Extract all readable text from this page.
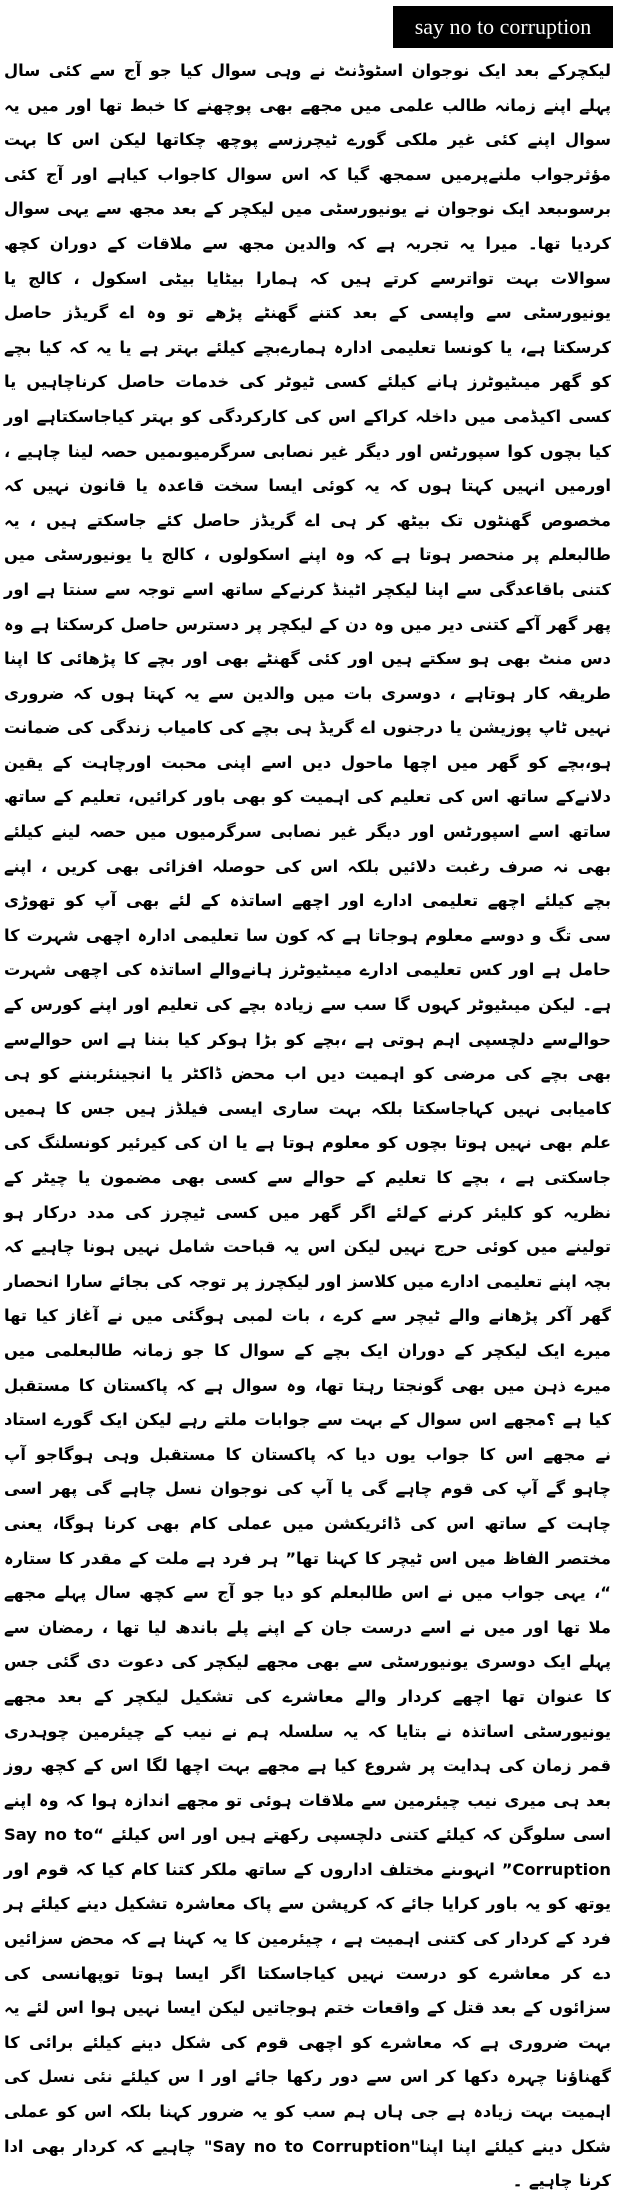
say no to corruption

لیکچرکے بعد ایک نوجوان اسٹوڈنٹ نے وہی سوال کیا جو آج سے کئی سال پہلے اپنے زمانہ طالب علمی میں مجھے بھی پوچھنے کا خبط تھا اور میں یہ سوال اپنے کئی غیر ملکی گورے ٹیچرزسے پوچھ چکاتھا لیکن اس کا بہت مؤثرجواب ملنےپرمیں سمجھ گیا کہ اس سوال کاجواب کیاہے اور آج کئی برسوںبعد ایک نوجوان نے یونیورسٹی میں لیکچر کے بعد مجھ سے یہی سوال کردیا تھا۔ میرا یہ تجربہ ہے کہ والدین مجھ سے ملاقات کے دوران کچھ سوالات بہت تواترسے کرتے ہیں کہ ہمارا بیٹایا بیٹی اسکول ، کالج یا یونیورسٹی سے واپسی کے بعد کتنے گھنٹے پڑھے تو وہ اے گریڈز حاصل کرسکتا ہے، یا کونسا تعلیمی ادارہ ہمارےبچے کیلئے بہتر ہے یا یہ کہ کیا بچے کو گھر میںٹیوٹرز ہانے کیلئے کسی ٹیوٹر کی خدمات حاصل کرناچاہیں یا کسی اکیڈمی میں داخلہ کراکے اس کی کارکردگی کو بہتر کیاجاسکتاہے اور کیا بچوں کوا سپورٹس اور دیگر غیر نصابی سرگرمیوںمیں حصہ لینا چاہیے ، اورمیں انہیں کہتا ہوں کہ یہ کوئی ایسا سخت قاعدہ یا قانون نہیں کہ مخصوص گھنٹوں تک بیٹھ کر ہی اے گریڈز حاصل کئے جاسکتے ہیں ، یہ طالبعلم پر منحصر ہوتا ہے کہ وہ اپنے اسکولوں ، کالج یا یونیورسٹی میں کتنی باقاعدگی سے اپنا لیکچر اٹینڈ کرنےکے ساتھ اسے توجہ سے سنتا ہے اور پھر گھر آکے کتنی دیر میں وہ دن کے لیکچر پر دسترس حاصل کرسکتا ہے وہ دس منٹ بھی ہو سکتے ہیں اور کئی گھنٹے بھی اور بچے کا پڑھائی کا اپنا طریقہ کار ہوتاہے ، دوسری بات میں والدین سے یہ کہتا ہوں کہ ضروری نہیں ٹاپ پوزیشن یا درجنوں اے گریڈ ہی بچے کی کامیاب زندگی کی ضمانت ہو،بچے کو گھر میں اچھا ماحول دیں اسے اپنی محبت اورچاہت کے یقین دلانےکے ساتھ اس کی تعلیم کی اہمیت کو بھی باور کرائیں، تعلیم کے ساتھ ساتھ اسے اسپورٹس اور دیگر غیر نصابی سرگرمیوں میں حصہ لینے کیلئے بھی نہ صرف رغبت دلائیں بلکہ اس کی حوصلہ افزائی بھی کریں ، اپنے بچے کیلئے اچھے تعلیمی ادارے اور اچھے اساتذہ کے لئے بھی آپ کو تھوڑی سی تگ و دوسے معلوم ہوجاتا ہے کہ کون سا تعلیمی ادارہ اچھی شہرت کا حامل ہے اور کس تعلیمی ادارے میںٹیوٹرز ہانےوالے اساتذہ کی اچھی شہرت ہے۔ لیکن میںٹیوٹر کہوں گا سب سے زیادہ بچے کی تعلیم اور اپنے کورس کے حوالےسے دلچسپی اہم ہوتی ہے ،بچے کو بڑا ہوکر کیا بننا ہے اس حوالےسے بھی بچے کی مرضی کو اہمیت دیں اب محض ڈاکٹر یا انجینئربننے کو ہی کامیابی نہیں کہاجاسکتا بلکہ بہت ساری ایسی فیلڈز ہیں جس کا ہمیں علم بھی نہیں ہوتا بچوں کو معلوم ہوتا ہے یا ان کی کیرئیر کونسلنگ کی جاسکتی ہے ، بچے کا تعلیم کے حوالے سے کسی بھی مضمون یا چیٹر کے نظریہ کو کلیئر کرنے کےلئے اگر گھر میں کسی ٹیچرز کی مدد درکار ہو تولینے میں کوئی حرج نہیں لیکن اس یہ قباحت شامل نہیں ہونا چاہیے کہ بچہ اپنے تعلیمی ادارے میں کلاسز اور لیکچرز پر توجہ کی بجائے سارا انحصار گھر آکر پڑھانے والے ٹیچر سے کرے ، بات لمبی ہوگئی میں نے آغاز کیا تھا میرے ایک لیکچر کے دوران ایک بچے کے سوال کا جو زمانہ طالبعلمی میں میرے ذہن میں بھی گونجتا رہتا تھا، وہ سوال ہے کہ پاکستان کا مستقبل کیا ہے ؟مجھے اس سوال کے بہت سے جوابات ملتے رہے لیکن ایک گورے استاد نے مجھے اس کا جواب یوں دیا کہ پاکستان کا مستقبل وہی ہوگاجو آپ چاہو گے آپ کی قوم چاہے گی یا آپ کی نوجوان نسل چاہے گی پھر اسی چاہت کے ساتھ اس کی ڈائریکشن میں عملی کام بھی کرنا ہوگا، یعنی مختصر الفاظ میں اس ٹیچر کا کہنا تھا” ہر فرد ہے ملت کے مقدر کا ستارہ “، یہی جواب میں نے اس طالبعلم کو دیا جو آج سے کچھ سال پہلے مجھے ملا تھا اور میں نے اسے درست جان کے اپنے پلے باندھ لیا تھا ، رمضان سے پہلے ایک دوسری یونیورسٹی سے بھی مجھے لیکچر کی دعوت دی گئی جس کا عنوان تھا اچھے کردار والے معاشرے کی تشکیل لیکچر کے بعد مجھے یونیورسٹی اساتذہ نے بتایا کہ یہ سلسلہ ہم نے نیب کے چیئرمین چوہدری قمر زمان کی ہدایت پر شروع کیا ہے مجھے بہت اچھا لگا اس کے کچھ روز بعد ہی میری نیب چیئرمین سے ملاقات ہوئی تو مجھے اندازہ ہوا کہ وہ اپنے اسی سلوگن کہ کیلئے کتنی دلچسپی رکھتے ہیں اور اس کیلئے “Say no to Corruption” انہوںنے مختلف اداروں کے ساتھ ملکر کتنا کام کیا کہ قوم اور یوتھ کو یہ باور کرایا جائے کہ کرپشن سے پاک معاشرہ تشکیل دینے کیلئے ہر فرد کے کردار کی کتنی اہمیت ہے ، چیئرمین کا یہ کہنا ہے کہ محض سزائیں دے کر معاشرے کو درست نہیں کیاجاسکتا اگر ایسا ہوتا توپھانسی کی سزائوں کے بعد قتل کے واقعات ختم ہوجاتیں لیکن ایسا نہیں ہوا اس لئے یہ بہت ضروری ہے کہ معاشرے کو اچھی قوم کی شکل دینے کیلئے برائی کا گھناؤنا چہرہ دکھا کر اس سے دور رکھا جائے اور ا س کیلئے نئی نسل کی اہمیت بہت زیادہ ہے جی ہاں ہم سب کو یہ ضرور کہنا بلکہ اس کو عملی شکل دینے کیلئے اپنا اپنا"Say no to Corruption" چاہیے کہ کردار بھی ادا کرنا چاہیے ۔
